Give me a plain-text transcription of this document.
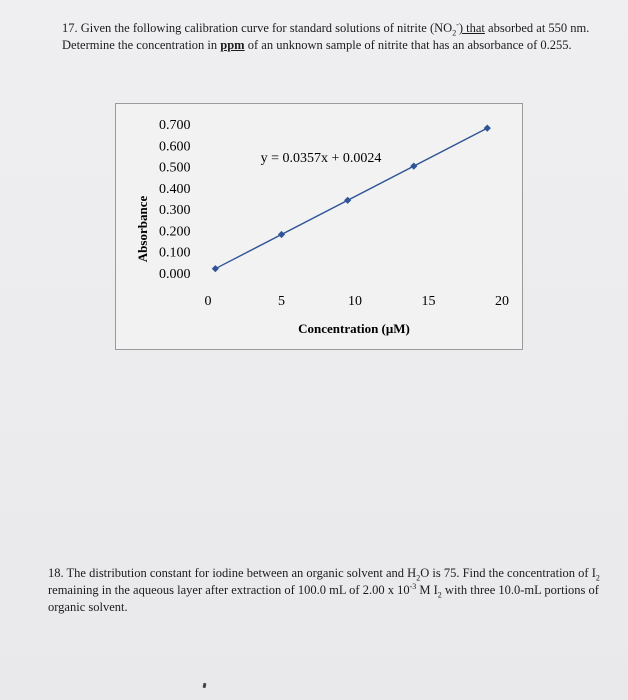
17. Given the following calibration curve for standard solutions of nitrite $(NO_2^-)$ that absorbed at 550 nm. Determine the concentration in ppm of an unknown sample of nitrite that has an absorbance of 0.255.
0.700
0.600
0.500
0.400
0.300
0.200
0.100
0.000
0	5	10	15	20
Absorbance
Concentration (μM)
y = 0.0357x + 0.0024
18. The distribution constant for iodine between an organic solvent and $H_2O$ is 75. Find the concentration of $I_2$ remaining in the aqueous layer after extraction of 100.0 mL of 2.00 x $10^{-3}$ M $I_2$ with three 10.0-mL portions of organic solvent.
